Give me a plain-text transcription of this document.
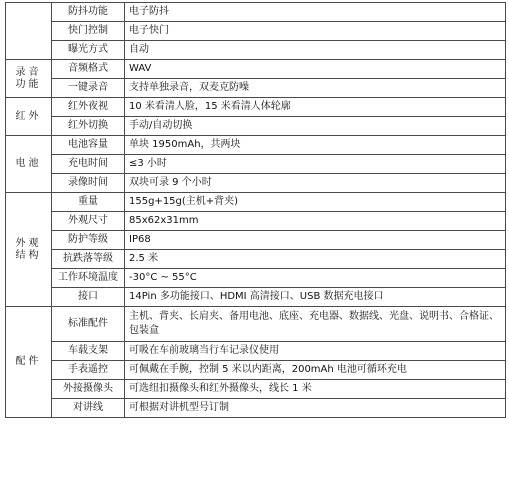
	防抖功能	电子防抖
	快门控制	电子快门
	曝光方式	自动
录音功能	音频格式	WAV
	一键录音	支持单独录音，双麦克防噪
红外	红外夜视	10 米看清人脸，15 米看清人体轮廓
	红外切换	手动/自动切换
电池	电池容量	单块 1950mAh，共两块
	充电时间	≤3 小时
	录像时间	双块可录 9 个小时
外观结构	重量	155g+15g(主机+背夹)
	外观尺寸	85x62x31mm
	防护等级	IP68
	抗跌落等级	2.5 米
	工作环境温度	-30°C ~ 55°C
	接口	14Pin 多功能接口、HDMI 高清接口、USB 数据充电接口
配件	标准配件	主机、背夹、长肩夹、备用电池、底座、充电器、数据线、光盘、说明书、合格证、包装盒
	车载支架	可吸在车前玻璃当行车记录仪使用
	手表遥控	可佩戴在手腕，控制 5 米以内距离，200mAh 电池可循环充电
	外接摄像头	可选纽扣摄像头和红外摄像头，线长 1 米
	对讲线	可根据对讲机型号订制
